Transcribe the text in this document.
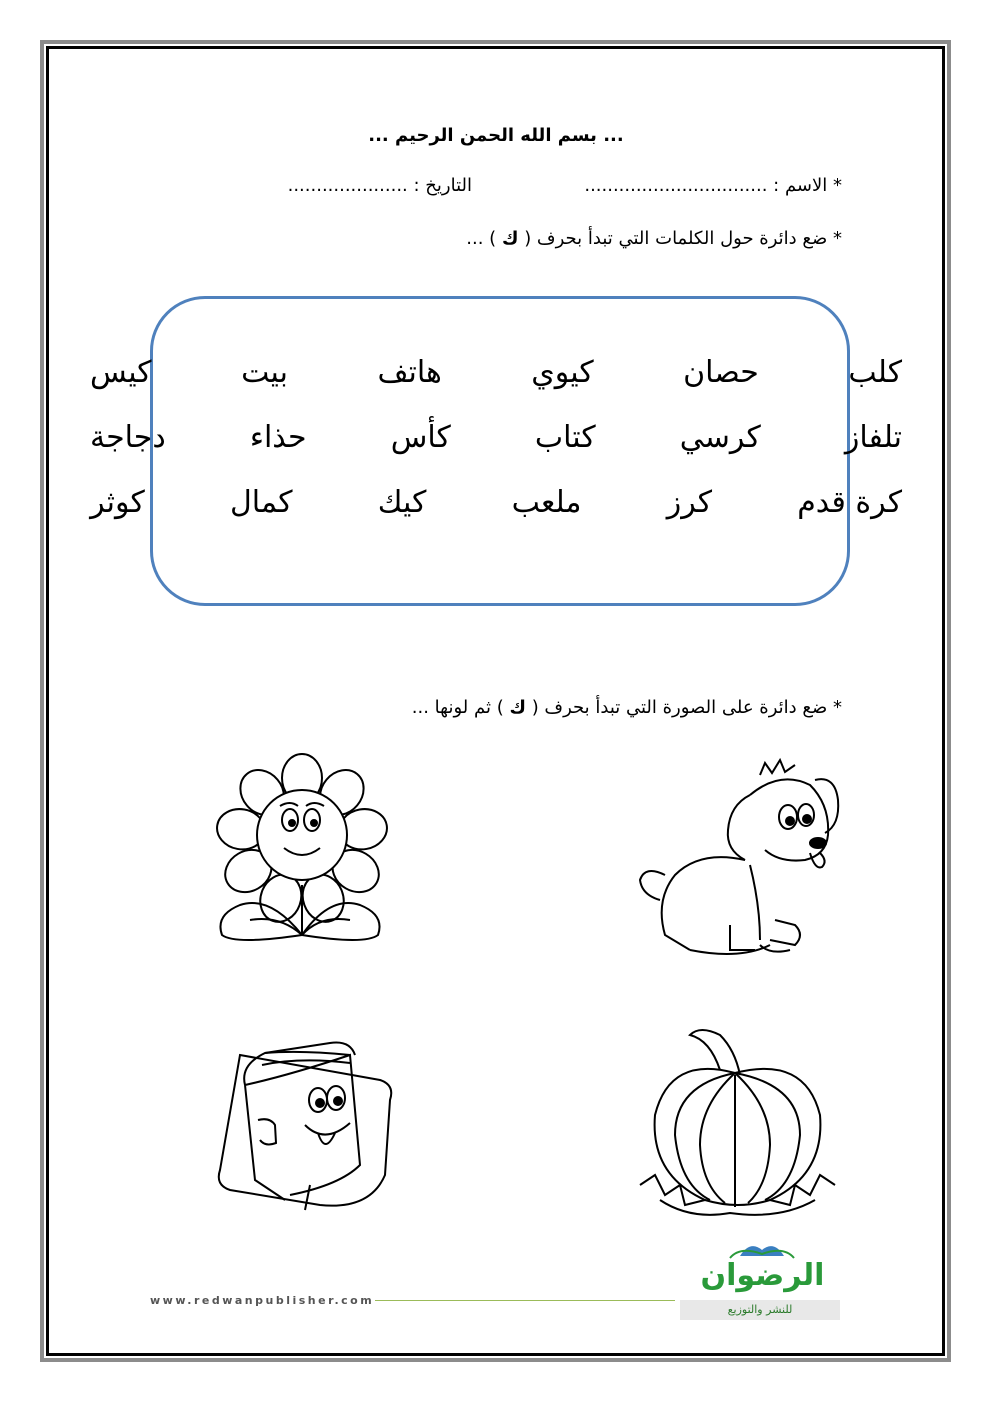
... بسم الله الحمن الرحيم ...
* الاسم : ................................
التاريخ : .....................
* ضع دائرة حول الكلمات التي تبدأ بحرف ( ك ) ...
كلب
حصان
كيوي
هاتف
بيت
كيس
تلفاز
كرسي
كتاب
كأس
حذاء
دجاجة
كرة قدم
كرز
ملعب
كيك
كمال
كوثر
* ضع دائرة على الصورة التي تبدأ بحرف ( ك ) ثم لونها ...
www.redwanpublisher.com
الرضوان
للنشر والتوزيع
